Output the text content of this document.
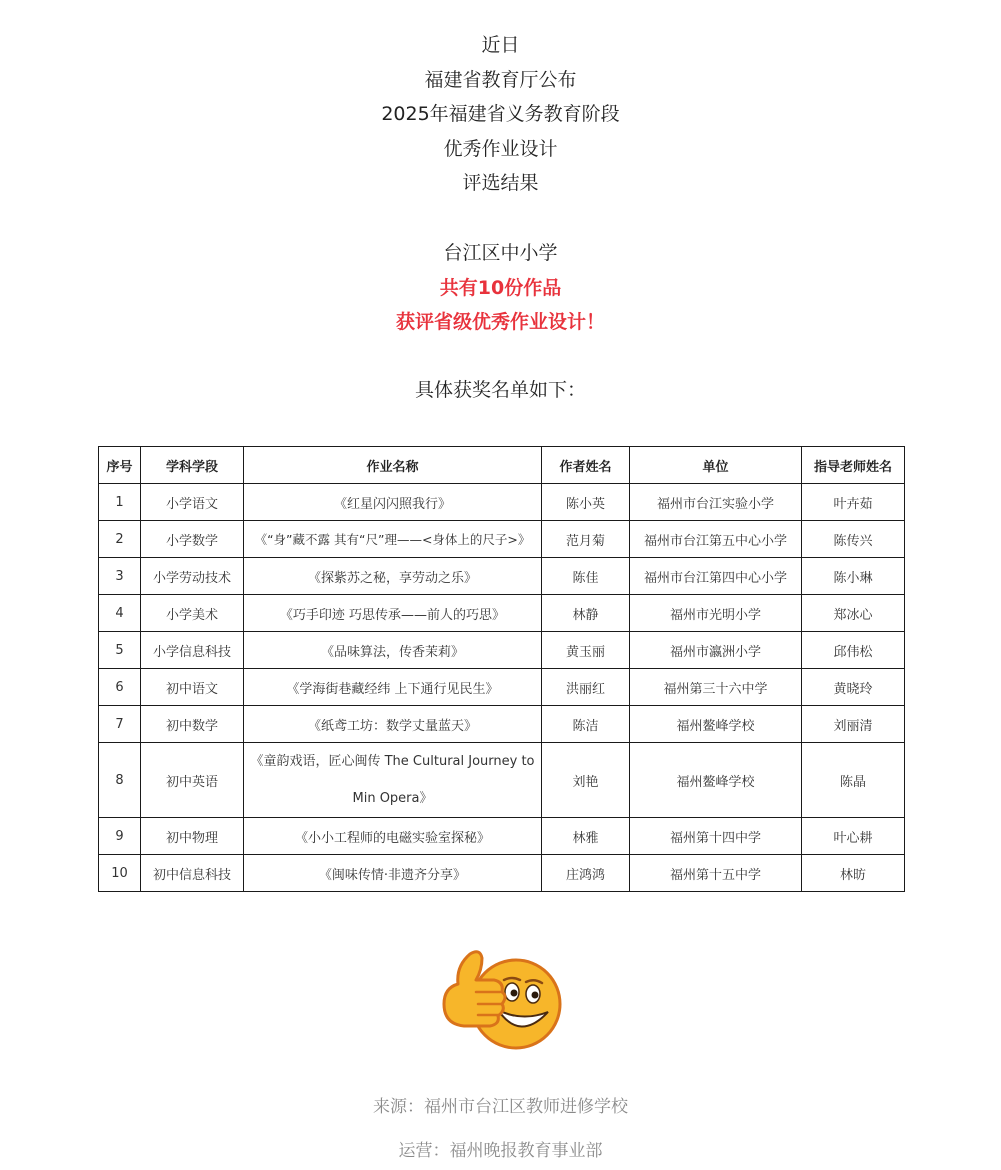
近日
福建省教育厅公布
2025年福建省义务教育阶段
优秀作业设计
评选结果
台江区中小学
共有10份作品
获评省级优秀作业设计！
具体获奖名单如下：
序号	学科学段	作业名称	作者姓名	单位	指导老师姓名
1	小学语文	《红星闪闪照我行》	陈小英	福州市台江实验小学	叶卉茹
2	小学数学	《“身”藏不露 其有“尺”理——<身体上的尺子>》	范月菊	福州市台江第五中心小学	陈传兴
3	小学劳动技术	《探紫苏之秘，享劳动之乐》	陈佳	福州市台江第四中心小学	陈小琳
4	小学美术	《巧手印迹 巧思传承——前人的巧思》	林静	福州市光明小学	郑冰心
5	小学信息科技	《品味算法，传香茉莉》	黄玉丽	福州市瀛洲小学	邱伟松
6	初中语文	《学海街巷藏经纬 上下通行见民生》	洪丽红	福州第三十六中学	黄晓玲
7	初中数学	《纸鸢工坊：数学丈量蓝天》	陈洁	福州鳌峰学校	刘丽清
8	初中英语	《童韵戏语，匠心闽传 The Cultural Journey to Min Opera》	刘艳	福州鳌峰学校	陈晶
9	初中物理	《小小工程师的电磁实验室探秘》	林雅	福州第十四中学	叶心耕
10	初中信息科技	《闽味传情·非遗齐分享》	庄鸿鸿	福州第十五中学	林昉
来源：福州市台江区教师进修学校
运营：福州晚报教育事业部
